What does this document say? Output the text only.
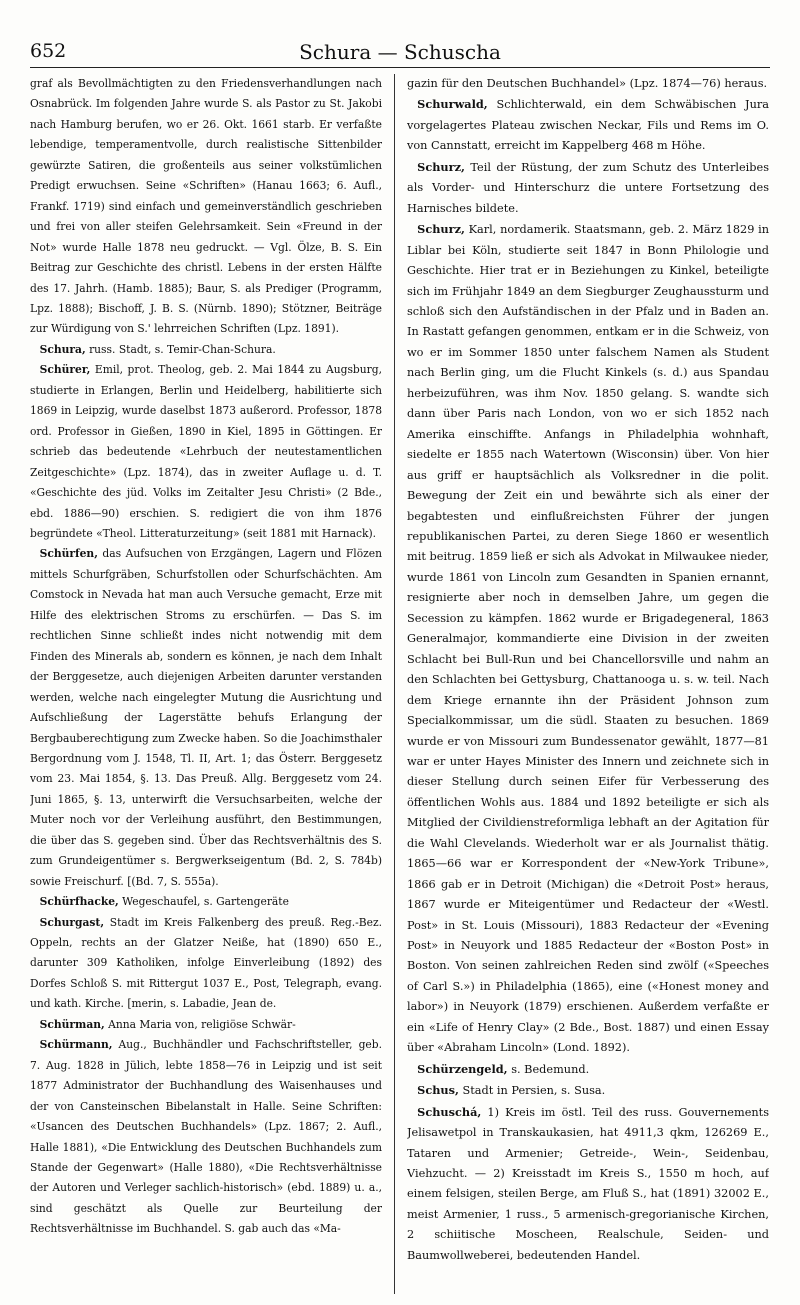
652	Schura — Schuscha

graf als Bevollmächtigten zu den Friedensverhandlungen nach Osnabrück. Im folgenden Jahre wurde S. als Pastor zu St. Jakobi nach Hamburg berufen, wo er 26. Okt. 1661 starb. Er verfaßte lebendige, temperamentvolle, durch realistische Sittenbilder gewürzte Satiren, die großenteils aus seiner volkstümlichen Predigt erwuchsen. Seine «Schriften» (Hanau 1663; 6. Aufl., Frankf. 1719) sind einfach und gemeinverständlich geschrieben und frei von aller steifen Gelehrsamkeit. Sein «Freund in der Not» wurde Halle 1878 neu gedruckt. — Vgl. Ölze, B. S. Ein Beitrag zur Geschichte des christl. Lebens in der ersten Hälfte des 17. Jahrh. (Hamb. 1885); Baur, S. als Prediger (Programm, Lpz. 1888); Bischoff, J. B. S. (Nürnb. 1890); Stötzner, Beiträge zur Würdigung von S.' lehrreichen Schriften (Lpz. 1891).

Schura, russ. Stadt, s. Temir-Chan-Schura.

Schürer, Emil, prot. Theolog, geb. 2. Mai 1844 zu Augsburg, studierte in Erlangen, Berlin und Heidelberg, habilitierte sich 1869 in Leipzig, wurde daselbst 1873 außerord. Professor, 1878 ord. Professor in Gießen, 1890 in Kiel, 1895 in Göttingen. Er schrieb das bedeutende «Lehrbuch der neutestamentlichen Zeitgeschichte» (Lpz. 1874), das in zweiter Auflage u. d. T. «Geschichte des jüd. Volks im Zeitalter Jesu Christi» (2 Bde., ebd. 1886—90) erschien. S. redigiert die von ihm 1876 begründete «Theol. Litteraturzeitung» (seit 1881 mit Harnack).

Schürfen, das Aufsuchen von Erzgängen, Lagern und Flözen mittels Schurfgräben, Schurfstollen oder Schurfschächten. Am Comstock in Nevada hat man auch Versuche gemacht, Erze mit Hilfe des elektrischen Stroms zu erschürfen. — Das S. im rechtlichen Sinne schließt indes nicht notwendig mit dem Finden des Minerals ab, sondern es können, je nach dem Inhalt der Berggesetze, auch diejenigen Arbeiten darunter verstanden werden, welche nach eingelegter Mutung die Ausrichtung und Aufschließung der Lagerstätte behufs Erlangung der Bergbauberechtigung zum Zwecke haben. So die Joachimsthaler Bergordnung vom J. 1548, Tl. II, Art. 1; das Österr. Berggesetz vom 23. Mai 1854, §. 13. Das Preuß. Allg. Berggesetz vom 24. Juni 1865, §. 13, unterwirft die Versuchsarbeiten, welche der Muter noch vor der Verleihung ausführt, den Bestimmungen, die über das S. gegeben sind. Über das Rechtsverhältnis des S. zum Grundeigentümer s. Bergwerkseigentum (Bd. 2, S. 784b) sowie Freischurf. [(Bd. 7, S. 555a).

Schürfhacke, Wegeschaufel, s. Gartengeräte

Schurgast, Stadt im Kreis Falkenberg des preuß. Reg.-Bez. Oppeln, rechts an der Glatzer Neiße, hat (1890) 650 E., darunter 309 Katholiken, infolge Einverleibung (1892) des Dorfes Schloß S. mit Rittergut 1037 E., Post, Telegraph, evang. und kath. Kirche. [merin, s. Labadie, Jean de.

Schürman, Anna Maria von, religiöse Schwär-

Schürmann, Aug., Buchhändler und Fachschriftsteller, geb. 7. Aug. 1828 in Jülich, lebte 1858—76 in Leipzig und ist seit 1877 Administrator der Buchhandlung des Waisenhauses und der von Cansteinschen Bibelanstalt in Halle. Seine Schriften: «Usancen des Deutschen Buchhandels» (Lpz. 1867; 2. Aufl., Halle 1881), «Die Entwicklung des Deutschen Buchhandels zum Stande der Gegenwart» (Halle 1880), «Die Rechtsverhältnisse der Autoren und Verleger sachlich-historisch» (ebd. 1889) u. a., sind geschätzt als Quelle zur Beurteilung der Rechtsverhältnisse im Buchhandel. S. gab auch das «Ma-

gazin für den Deutschen Buchhandel» (Lpz. 1874—76) heraus.

Schurwald, Schlichterwald, ein dem Schwäbischen Jura vorgelagertes Plateau zwischen Neckar, Fils und Rems im O. von Cannstatt, erreicht im Kappelberg 468 m Höhe.

Schurz, Teil der Rüstung, der zum Schutz des Unterleibes als Vorder- und Hinterschurz die untere Fortsetzung des Harnisches bildete.

Schurz, Karl, nordamerik. Staatsmann, geb. 2. März 1829 in Liblar bei Köln, studierte seit 1847 in Bonn Philologie und Geschichte. Hier trat er in Beziehungen zu Kinkel, beteiligte sich im Frühjahr 1849 an dem Siegburger Zeughaussturm und schloß sich den Aufständischen in der Pfalz und in Baden an. In Rastatt gefangen genommen, entkam er in die Schweiz, von wo er im Sommer 1850 unter falschem Namen als Student nach Berlin ging, um die Flucht Kinkels (s. d.) aus Spandau herbeizuführen, was ihm Nov. 1850 gelang. S. wandte sich dann über Paris nach London, von wo er sich 1852 nach Amerika einschiffte. Anfangs in Philadelphia wohnhaft, siedelte er 1855 nach Watertown (Wisconsin) über. Von hier aus griff er hauptsächlich als Volksredner in die polit. Bewegung der Zeit ein und bewährte sich als einer der begabtesten und einflußreichsten Führer der jungen republikanischen Partei, zu deren Siege 1860 er wesentlich mit beitrug. 1859 ließ er sich als Advokat in Milwaukee nieder, wurde 1861 von Lincoln zum Gesandten in Spanien ernannt, resignierte aber noch in demselben Jahre, um gegen die Secession zu kämpfen. 1862 wurde er Brigadegeneral, 1863 Generalmajor, kommandierte eine Division in der zweiten Schlacht bei Bull-Run und bei Chancellorsville und nahm an den Schlachten bei Gettysburg, Chattanooga u. s. w. teil. Nach dem Kriege ernannte ihn der Präsident Johnson zum Specialkommissar, um die südl. Staaten zu besuchen. 1869 wurde er von Missouri zum Bundessenator gewählt, 1877—81 war er unter Hayes Minister des Innern und zeichnete sich in dieser Stellung durch seinen Eifer für Verbesserung des öffentlichen Wohls aus. 1884 und 1892 beteiligte er sich als Mitglied der Civildienstreformliga lebhaft an der Agitation für die Wahl Clevelands. Wiederholt war er als Journalist thätig. 1865—66 war er Korrespondent der «New-York Tribune», 1866 gab er in Detroit (Michigan) die «Detroit Post» heraus, 1867 wurde er Miteigentümer und Redacteur der «Westl. Post» in St. Louis (Missouri), 1883 Redacteur der «Evening Post» in Neuyork und 1885 Redacteur der «Boston Post» in Boston. Von seinen zahlreichen Reden sind zwölf («Speeches of Carl S.») in Philadelphia (1865), eine («Honest money and labor») in Neuyork (1879) erschienen. Außerdem verfaßte er ein «Life of Henry Clay» (2 Bde., Bost. 1887) und einen Essay über «Abraham Lincoln» (Lond. 1892).

Schürzengeld, s. Bedemund.

Schus, Stadt in Persien, s. Susa.

Schuschá, 1) Kreis im östl. Teil des russ. Gouvernements Jelisawetpol in Transkaukasien, hat 4911,3 qkm, 126269 E., Tataren und Armenier; Getreide-, Wein-, Seidenbau, Viehzucht. — 2) Kreisstadt im Kreis S., 1550 m hoch, auf einem felsigen, steilen Berge, am Fluß S., hat (1891) 32002 E., meist Armenier, 1 russ., 5 armenisch-gregorianische Kirchen, 2 schiitische Moscheen, Realschule, Seiden- und Baumwollweberei, bedeutenden Handel.
